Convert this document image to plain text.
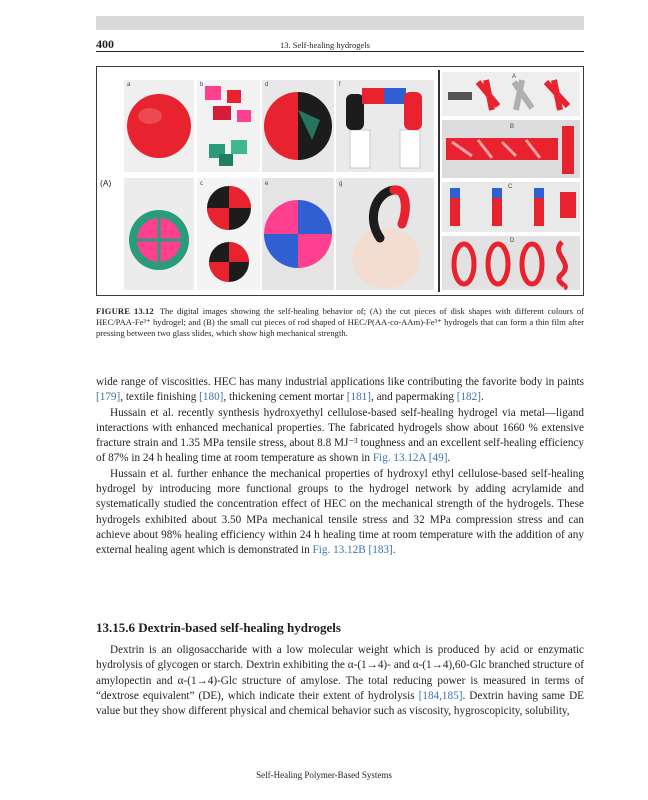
400	13. Self-healing hydrogels
(A)
a	b	d	f
c	e	g
A
B
C
D
FIGURE 13.12 The digital images showing the self-healing behavior of; (A) the cut pieces of disk shapes with different colours of HEC/PAA-Fe³⁺ hydrogel; and (B) the small cut pieces of rod shaped of HEC/P(AA-co-AAm)-Fe³⁺ hydrogels that can form a thin film after pressing between two glass slides, which show high mechanical strength.

wide range of viscosities. HEC has many industrial applications like contributing the favorite body in paints [179], textile finishing [180], thickening cement mortar [181], and papermaking [182].

Hussain et al. recently synthesis hydroxyethyl cellulose-based self-healing hydrogel via metal—ligand interactions with enhanced mechanical properties. The fabricated hydrogels show about 1660 % extensive fracture strain and 1.35 MPa tensile stress, about 8.8 MJ⁻³ toughness and an excellent self-healing efficiency of 87% in 24 h healing time at room temperature as shown in Fig. 13.12A [49].

Hussain et al. further enhance the mechanical properties of hydroxyl ethyl cellulose-based self-healing hydrogel by introducing more functional groups to the hydrogel network by adding acrylamide and systematically studied the concentration effect of HEC on the mechanical strength of the hydrogels. These hydrogels exhibited about 3.50 MPa mechanical tensile stress and 32 MPa compression stress and can achieve about 98% healing efficiency within 24 h healing time at room temperature with the addition of any external healing agent which is demonstrated in Fig. 13.12B [183].

13.15.6 Dextrin-based self-healing hydrogels

Dextrin is an oligosaccharide with a low molecular weight which is produced by acid or enzymatic hydrolysis of glycogen or starch. Dextrin exhibiting the α-(1→4)- and α-(1→4),60-Glc branched structure of amylopectin and α-(1→4)-Glc structure of amylose. The total reducing power is measured in terms of “dextrose equivalent” (DE), which indicate their extent of hydrolysis [184,185]. Dextrin having same DE value but they show different physical and chemical behavior such as viscosity, hygroscopicity, solubility,

Self-Healing Polymer-Based Systems
